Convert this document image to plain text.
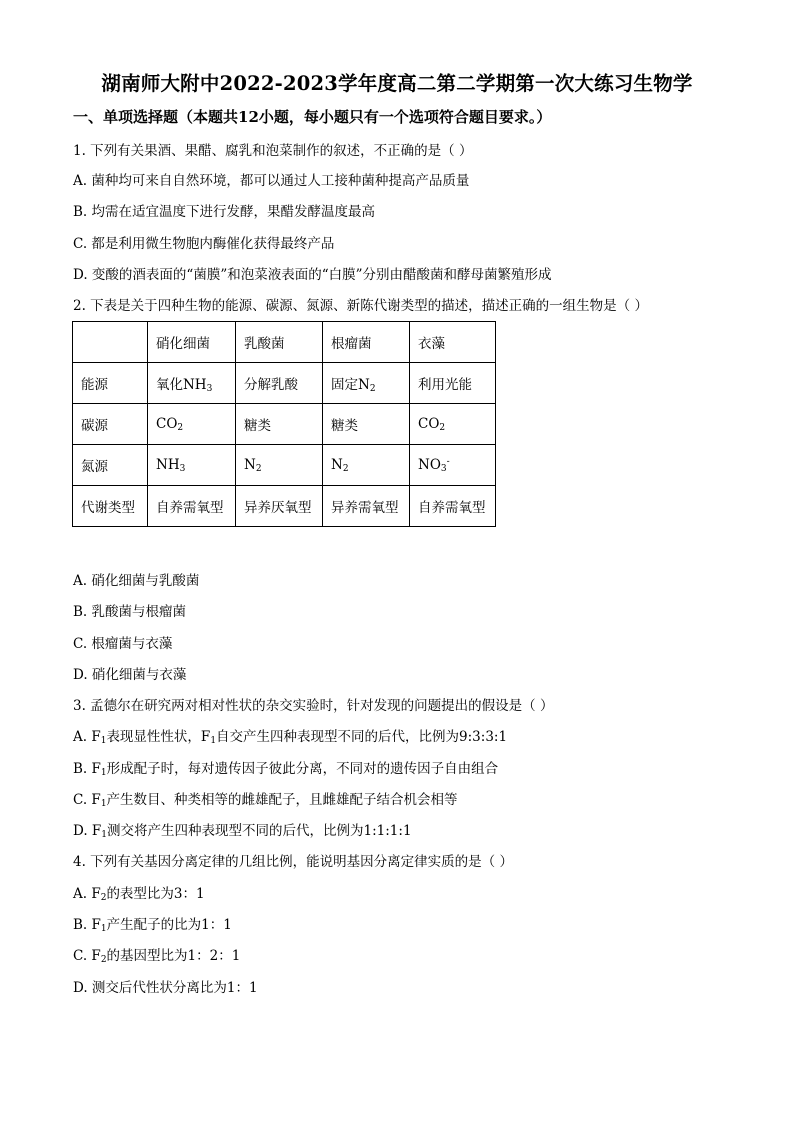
湖南师大附中2022-2023学年度高二第二学期第一次大练习生物学
一、单项选择题（本题共12小题，每小题只有一个选项符合题目要求。）
1. 下列有关果酒、果醋、腐乳和泡菜制作的叙述，不正确的是（ ）
A. 菌种均可来自自然环境，都可以通过人工接种菌种提高产品质量
B. 均需在适宜温度下进行发酵，果醋发酵温度最高
C. 都是利用微生物胞内酶催化获得最终产品
D. 变酸的酒表面的“菌膜”和泡菜液表面的“白膜”分别由醋酸菌和酵母菌繁殖形成
2. 下表是关于四种生物的能源、碳源、氮源、新陈代谢类型的描述，描述正确的一组生物是（ ）
	硝化细菌	乳酸菌	根瘤菌	衣藻
能源	氧化$NH_3$	分解乳酸	固定$N_2$	利用光能
碳源	$CO_2$	糖类	糖类	$CO_2$
氮源	$NH_3$	$N_2$	$N_2$	$NO_3^-$
代谢类型	自养需氧型	异养厌氧型	异养需氧型	自养需氧型
A. 硝化细菌与乳酸菌
B. 乳酸菌与根瘤菌
C. 根瘤菌与衣藻
D. 硝化细菌与衣藻
3. 孟德尔在研究两对相对性状的杂交实验时，针对发现的问题提出的假设是（ ）
A. $F_1$表现显性性状，$F_1$自交产生四种表现型不同的后代，比例为9:3:3:1
B. $F_1$形成配子时，每对遗传因子彼此分离，不同对的遗传因子自由组合
C. $F_1$产生数目、种类相等的雌雄配子，且雌雄配子结合机会相等
D. $F_1$测交将产生四种表现型不同的后代，比例为1:1:1:1
4. 下列有关基因分离定律的几组比例，能说明基因分离定律实质的是（ ）
A. $F_2$的表型比为3：1
B. $F_1$产生配子的比为1：1
C. $F_2$的基因型比为1：2：1
D. 测交后代性状分离比为1：1
